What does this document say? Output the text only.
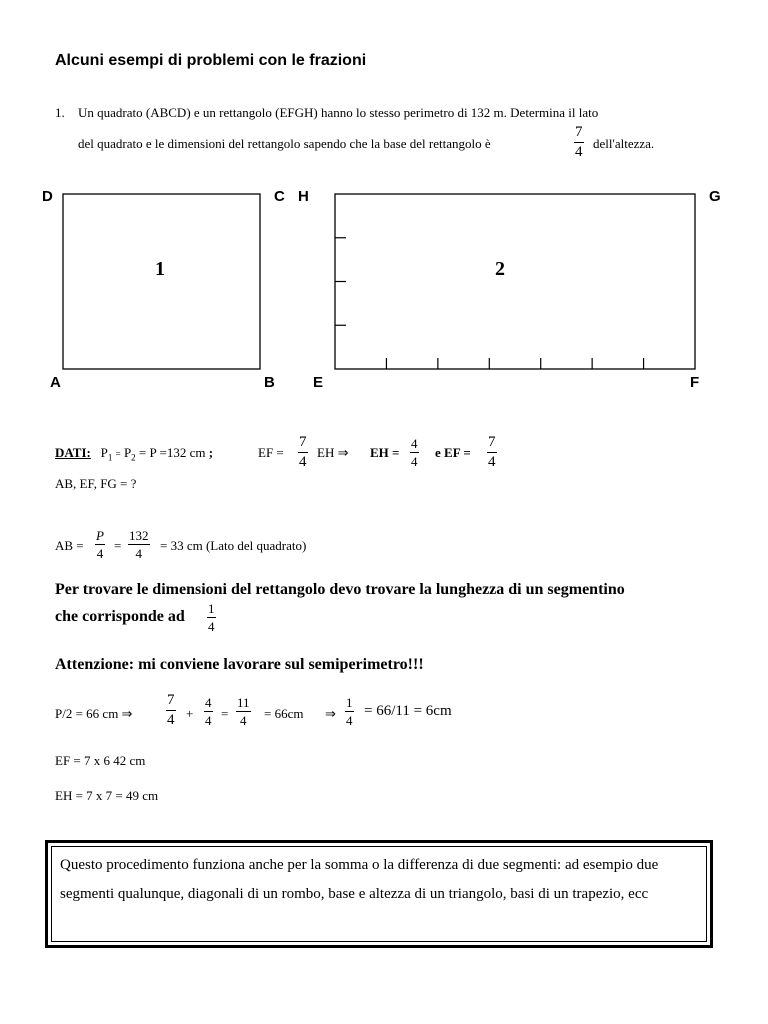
Alcuni esempi di problemi con le frazioni
1. Un quadrato (ABCD) e un rettangolo (EFGH) hanno lo stesso perimetro di 132 m. Determina il lato
del quadrato e le dimensioni del rettangolo sapendo che la base del rettangolo è	$\frac{7}{4}$ dell'altezza.
1	2
D	C H	G
A	B	E	F
DATI: $P_1 = P_2 = P =132$ cm ;	EF = $\frac{7}{4}$ EH ⇒ EH = $\frac{4}{4}$ e EF = $\frac{7}{4}$
AB, EF, FG = ?
AB = $\frac{P}{4} = \frac{132}{4} = 33$ cm (Lato del quadrato)
Per trovare le dimensioni del rettangolo devo trovare la lunghezza di un segmentino
che corrisponde ad $\frac{1}{4}$
Attenzione: mi conviene lavorare sul semiperimetro!!!
P/2 = 66 cm ⇒ $\frac{7}{4} + \frac{4}{4} = \frac{11}{4} = 66cm$ ⇒ $\frac{1}{4} = 66/11 = 6cm$
EF = 7 x 6 42 cm
EH = 7 x 7 = 49 cm
Questo procedimento funziona anche per la somma o la differenza di due segmenti: ad esempio due segmenti qualunque, diagonali di un rombo, base e altezza di un triangolo, basi di un trapezio, ecc
